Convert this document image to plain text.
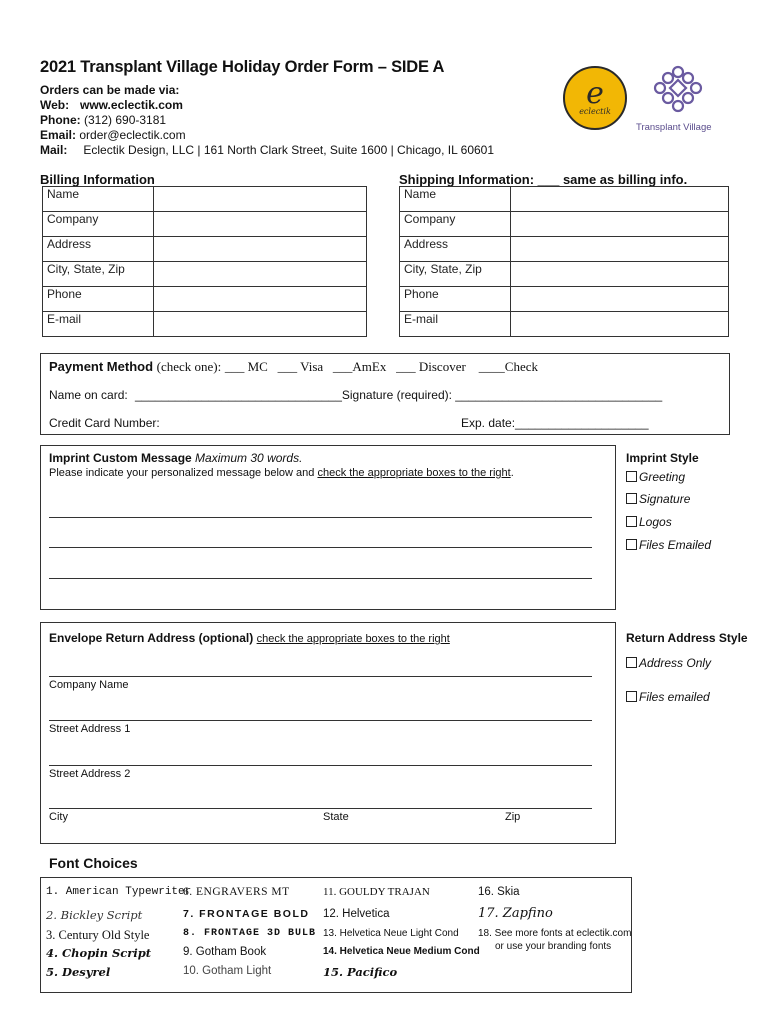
2021 Transplant Village Holiday Order Form – SIDE A
Orders can be made via:
Web: www.eclectik.com
Phone: (312) 690-3181
Email: order@eclectik.com
Mail: Eclectik Design, LLC | 161 North Clark Street, Suite 1600 | Chicago, IL 60601
e
eclectik
Transplant Village
Billing Information
Name	
Company	
Address	
City, State, Zip	
Phone	
E-mail	
Shipping Information: ___ same as billing info.
Name	
Company	
Address	
City, State, Zip	
Phone	
E-mail	
Payment Method (check one): ___ MC   ___ Visa   ___AmEx   ___ Discover    ____Check
Name on card: _______________________________Signature (required): _______________________________
Credit Card Number:	Exp. date:____________________
Imprint Custom Message Maximum 30 words.
Please indicate your personalized message below and check the appropriate boxes to the right.
Imprint Style
Greeting
Signature
Logos
Files Emailed
Envelope Return Address (optional) check the appropriate boxes to the right
Company Name
Street Address 1
Street Address 2
City	State	Zip
Return Address Style
Address Only
Files emailed
Font Choices
1. American Typewriter
2. Bickley Script
3. Century Old Style
4. Chopin Script
5. Desyrel
6. ENGRAVERS MT
7. FRONTAGE BOLD
8. FRONTAGE 3D BULB
9. Gotham Book
10. Gotham Light
11. GOULDY TRAJAN
12. Helvetica
13. Helvetica Neue Light Cond
14. Helvetica Neue Medium Cond
15. Pacifico
16. Skia
17. Zapfino
18. See more fonts at eclectik.com
or use your branding fonts
